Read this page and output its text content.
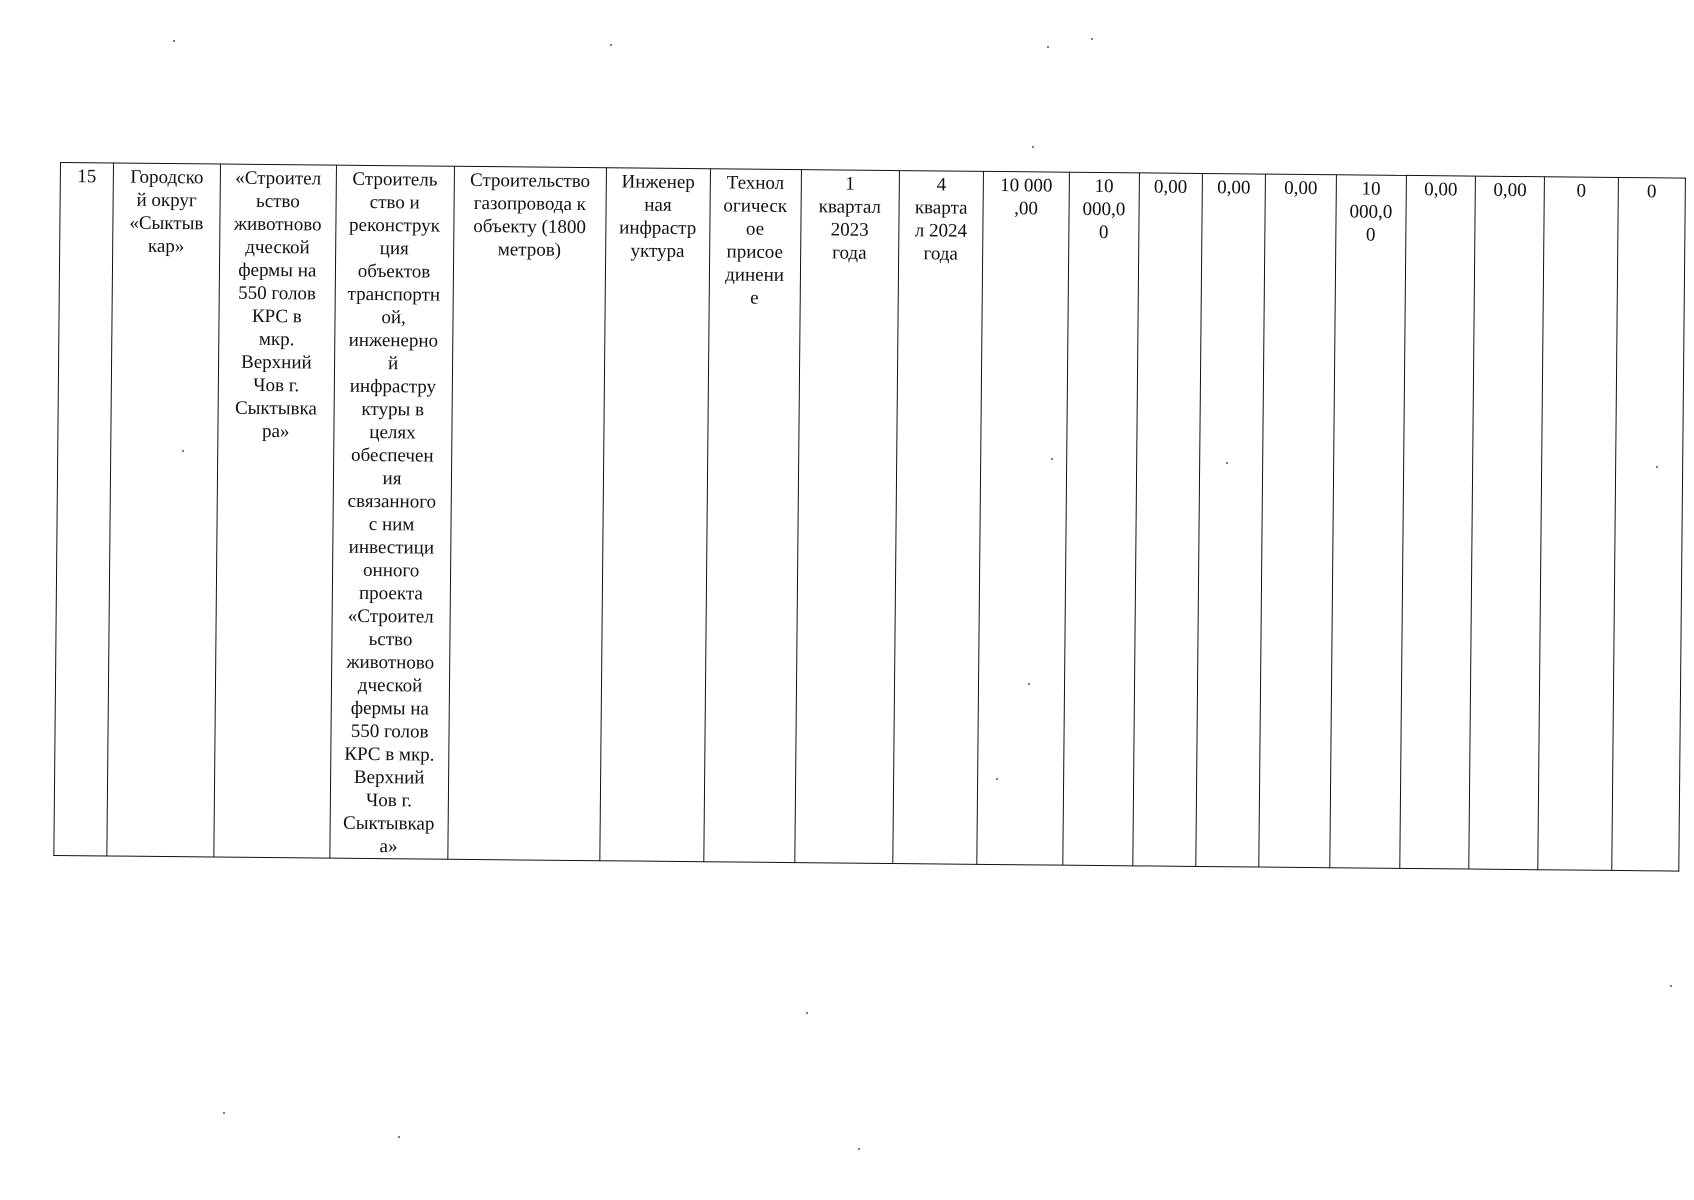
15	Городско
й округ
«Сыктыв
кар»	«Строител
ьство
животново
дческой
фермы на
550 голов
КРС в
мкр.
Верхний
Чов г.
Сыктывка
ра»	Строитель
ство и
реконструк
ция
объектов
транспортн
ой,
инженерно
й
инфрастру
ктуры в
целях
обеспечен
ия
связанного
с ним
инвестици
онного
проекта
«Строител
ьство
животново
дческой
фермы на
550 голов
КРС в мкр.
Верхний
Чов г.
Сыктывкар
а»	Строительство
газопровода к
объекту (1800
метров)	Инженер
ная
инфрастр
уктура	Технол
огическ
ое
присое
динени
е	1
квартал
2023
года	4
кварта
л 2024
года	10 000
,00	10
000,0
0	0,00	0,00	0,00	10
000,0
0	0,00	0,00	0	0
